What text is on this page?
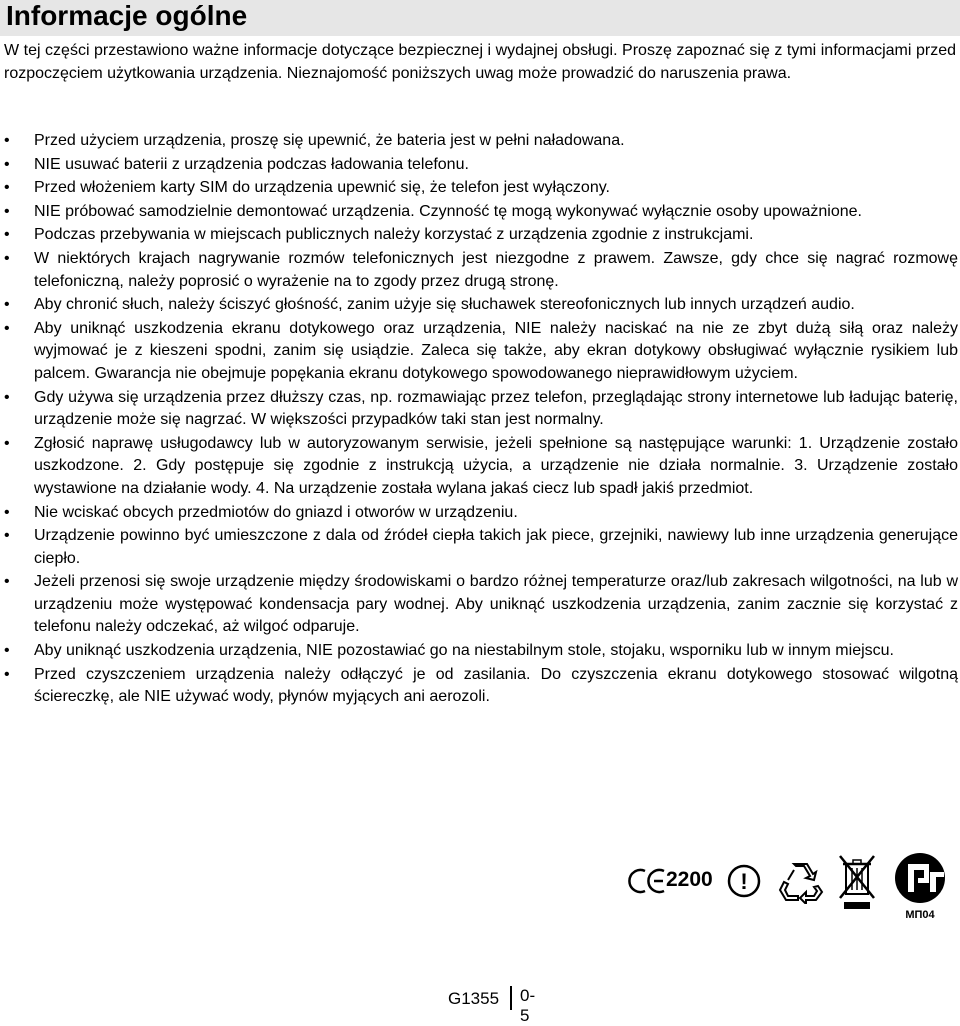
Informacje ogólne

W tej części przestawiono ważne informacje dotyczące bezpiecznej i wydajnej obsługi. Proszę zapoznać się z tymi informacjami przed rozpoczęciem użytkowania urządzenia. Nieznajomość poniższych uwag może prowadzić do naruszenia prawa.

• Przed użyciem urządzenia, proszę się upewnić, że bateria jest w pełni naładowana.
• NIE usuwać baterii z urządzenia podczas ładowania telefonu.
• Przed włożeniem karty SIM do urządzenia upewnić się, że telefon jest wyłączony.
• NIE próbować samodzielnie demontować urządzenia. Czynność tę mogą wykonywać wyłącznie osoby upoważnione.
• Podczas przebywania w miejscach publicznych należy korzystać z urządzenia zgodnie z instrukcjami.
• W niektórych krajach nagrywanie rozmów telefonicznych jest niezgodne z prawem. Zawsze, gdy chce się nagrać rozmowę telefoniczną, należy poprosić o wyrażenie na to zgody przez drugą stronę.
• Aby chronić słuch, należy ściszyć głośność, zanim użyje się słuchawek stereofonicznych lub innych urządzeń audio.
• Aby uniknąć uszkodzenia ekranu dotykowego oraz urządzenia, NIE należy naciskać na nie ze zbyt dużą siłą oraz należy wyjmować je z kieszeni spodni, zanim się usiądzie. Zaleca się także, aby ekran dotykowy obsługiwać wyłącznie rysikiem lub palcem. Gwarancja nie obejmuje popękania ekranu dotykowego spowodowanego nieprawidłowym użyciem.
• Gdy używa się urządzenia przez dłuższy czas, np. rozmawiając przez telefon, przeglądając strony internetowe lub ładując baterię, urządzenie może się nagrzać. W większości przypadków taki stan jest normalny.
• Zgłosić naprawę usługodawcy lub w autoryzowanym serwisie, jeżeli spełnione są następujące warunki: 1. Urządzenie zostało uszkodzone. 2. Gdy postępuje się zgodnie z instrukcją użycia, a urządzenie nie działa normalnie. 3. Urządzenie zostało wystawione na działanie wody. 4. Na urządzenie została wylana jakaś ciecz lub spadł jakiś przedmiot.
• Nie wciskać obcych przedmiotów do gniazd i otworów w urządzeniu.
• Urządzenie powinno być umieszczone z dala od źródeł ciepła takich jak piece, grzejniki, nawiewy lub inne urządzenia generujące ciepło.
• Jeżeli przenosi się swoje urządzenie między środowiskami o bardzo różnej temperaturze oraz/lub zakresach wilgotności, na lub w urządzeniu może występować kondensacja pary wodnej. Aby uniknąć uszkodzenia urządzenia, zanim zacznie się korzystać z telefonu należy odczekać, aż wilgoć odparuje.
• Aby uniknąć uszkodzenia urządzenia, NIE pozostawiać go na niestabilnym stole, stojaku, wsporniku lub w innym miejscu.
• Przed czyszczeniem urządzenia należy odłączyć je od zasilania. Do czyszczenia ekranu dotykowego stosować wilgotną ściereczkę, ale NIE używać wody, płynów myjących ani aerozoli.
2200 !
МП04
G1355 0-5
